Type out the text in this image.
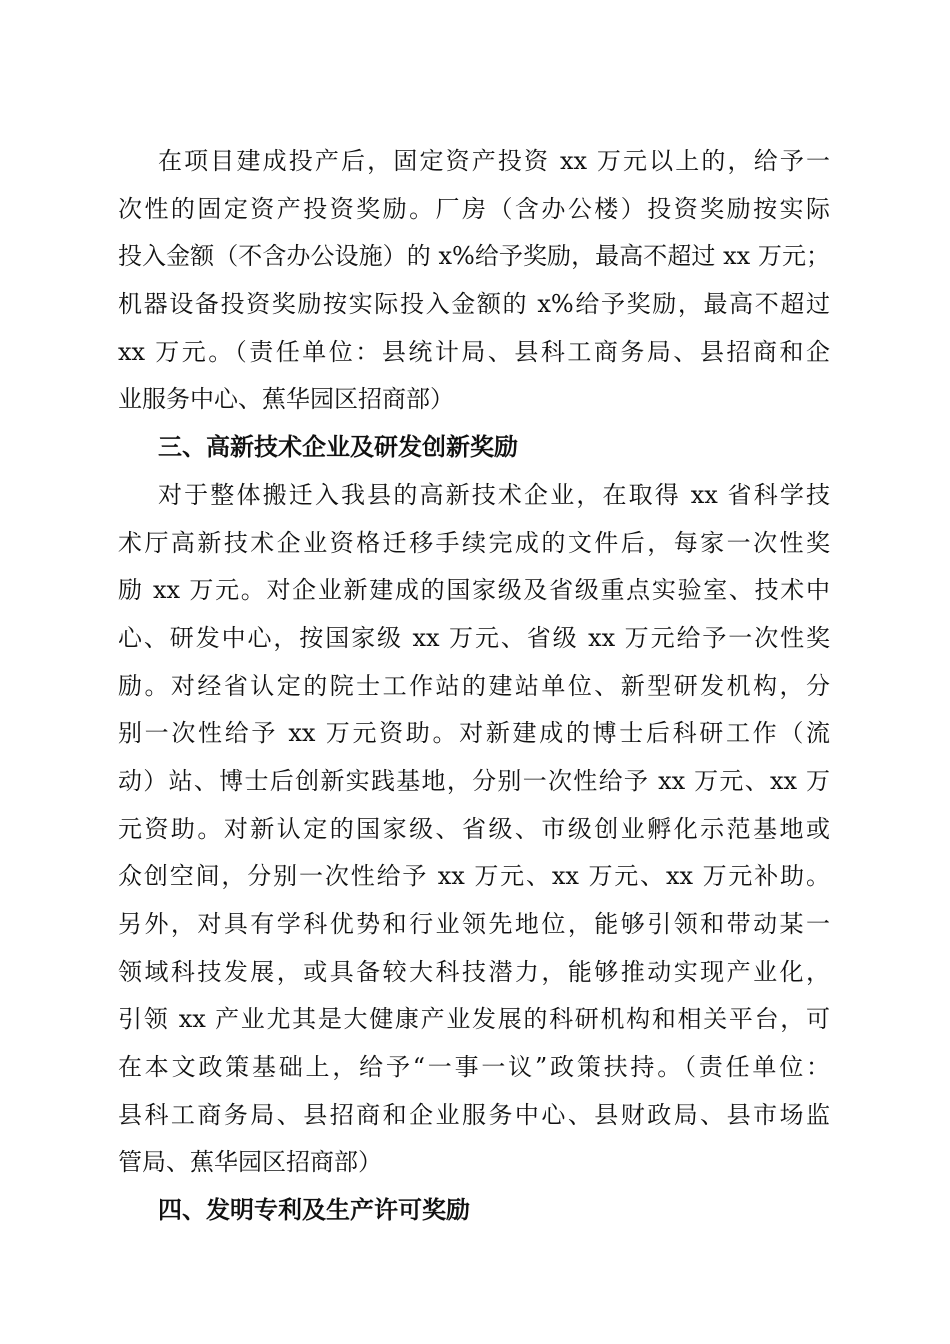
在项目建成投产后，固定资产投资 xx 万元以上的，给予一
次性的固定资产投资奖励。厂房（含办公楼）投资奖励按实际
投入金额（不含办公设施）的 x%给予奖励，最高不超过 xx 万元；
机器设备投资奖励按实际投入金额的 x%给予奖励，最高不超过
xx 万元。（责任单位：县统计局、县科工商务局、县招商和企
业服务中心、蕉华园区招商部）
三、高新技术企业及研发创新奖励
对于整体搬迁入我县的高新技术企业，在取得 xx 省科学技
术厅高新技术企业资格迁移手续完成的文件后，每家一次性奖
励 xx 万元。对企业新建成的国家级及省级重点实验室、技术中
心、研发中心，按国家级 xx 万元、省级 xx 万元给予一次性奖
励。对经省认定的院士工作站的建站单位、新型研发机构，分
别一次性给予 xx 万元资助。对新建成的博士后科研工作（流
动）站、博士后创新实践基地，分别一次性给予 xx 万元、xx 万
元资助。对新认定的国家级、省级、市级创业孵化示范基地或
众创空间，分别一次性给予 xx 万元、xx 万元、xx 万元补助。
另外，对具有学科优势和行业领先地位，能够引领和带动某一
领域科技发展，或具备较大科技潜力，能够推动实现产业化，
引领 xx 产业尤其是大健康产业发展的科研机构和相关平台，可
在本文政策基础上，给予“一事一议”政策扶持。（责任单位：
县科工商务局、县招商和企业服务中心、县财政局、县市场监
管局、蕉华园区招商部）
四、发明专利及生产许可奖励
